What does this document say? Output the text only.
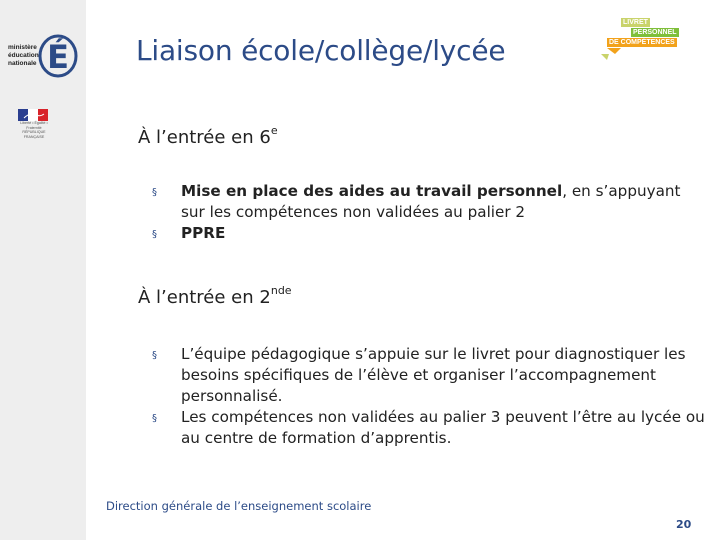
ministère
éducation
nationale É
Liberté • Égalité • Fraternité RÉPUBLIQUE FRANÇAISE
Liaison école/collège/lycée
LIVRET
PERSONNEL
DE COMPÉTENCES
À l’entrée en 6e
§ Mise en place des aides au travail personnel, en s’appuyant sur les compétences non validées au palier 2
§ PPRE
À l’entrée en 2nde
§ L’équipe pédagogique s’appuie sur le livret pour diagnostiquer les besoins spécifiques de l’élève et organiser l’accompagnement personnalisé.
§ Les compétences non validées au palier 3 peuvent l’être au lycée ou au centre de formation d’apprentis.
Direction générale de l’enseignement scolaire
20
